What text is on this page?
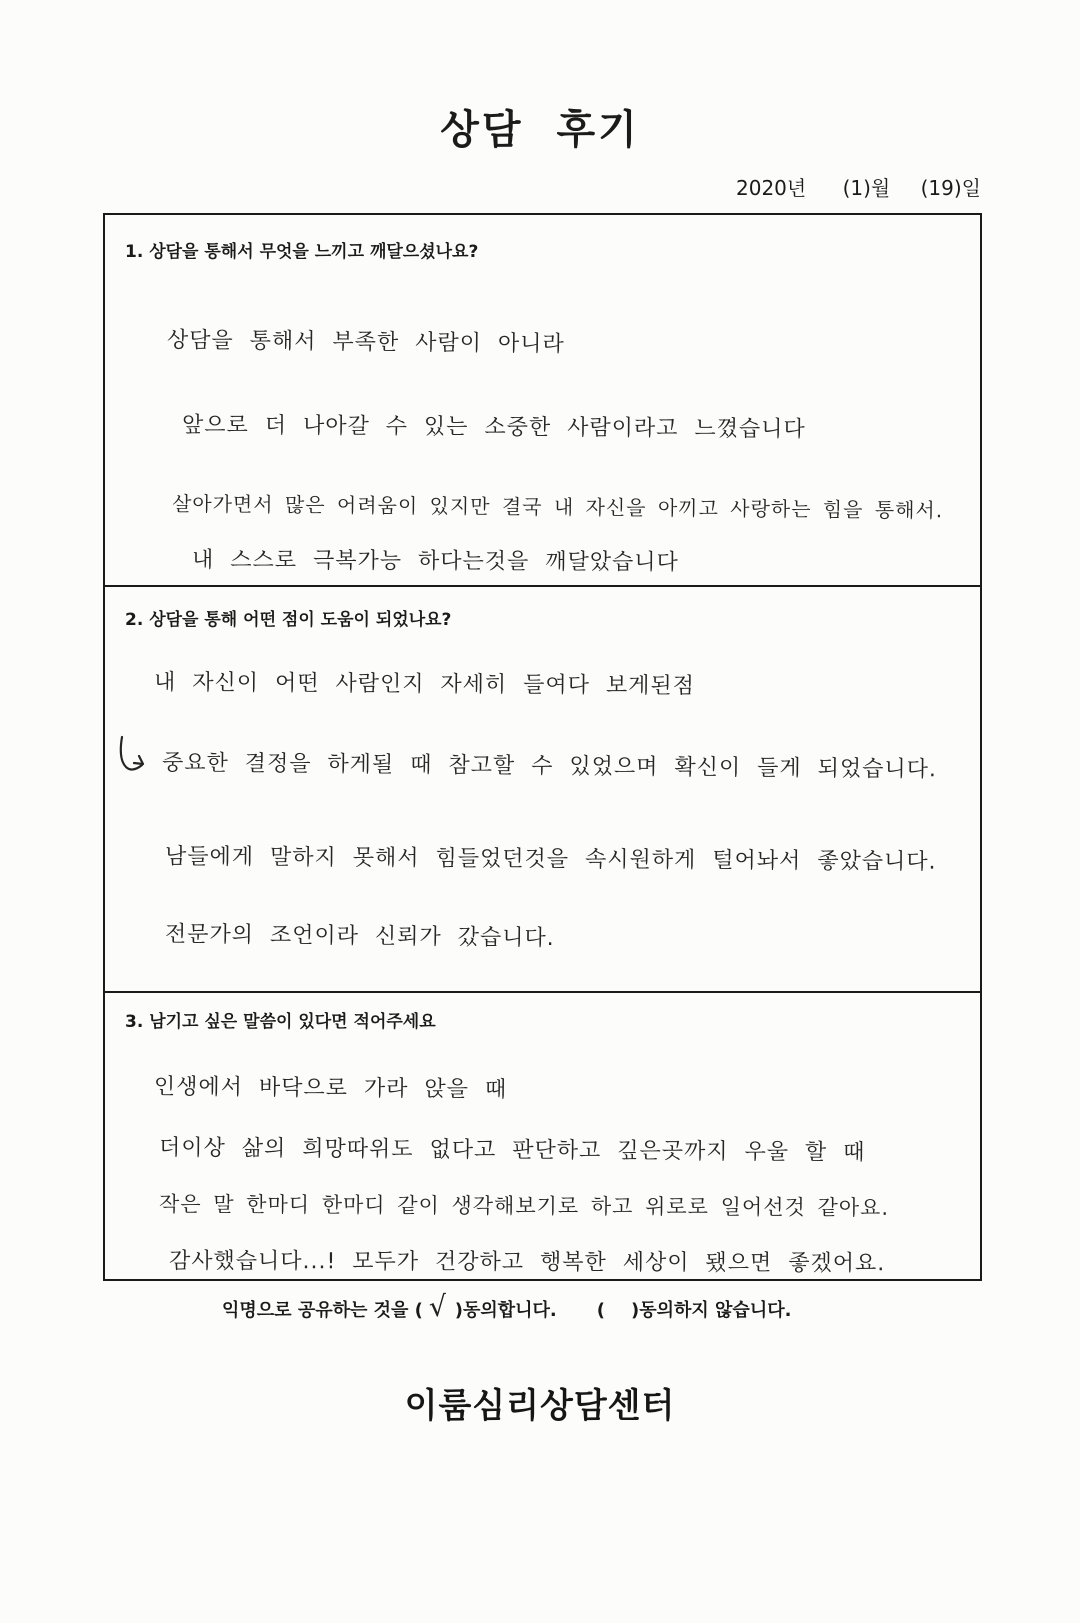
상담 후기
2020년 (1)월 (19)일
1. 상담을 통해서 무엇을 느끼고 깨달으셨나요?
상담을 통해서 부족한 사람이 아니라
앞으로 더 나아갈 수 있는 소중한 사람이라고 느꼈습니다
살아가면서 많은 어려움이 있지만 결국 내 자신을 아끼고 사랑하는 힘을 통해서.
내 스스로 극복가능 하다는것을 깨달았습니다
2. 상담을 통해 어떤 점이 도움이 되었나요?
내 자신이 어떤 사람인지 자세히 들여다 보게된점
중요한 결정을 하게될 때 참고할 수 있었으며 확신이 들게 되었습니다.
남들에게 말하지 못해서 힘들었던것을 속시원하게 털어놔서 좋았습니다.
전문가의 조언이라 신뢰가 갔습니다.
3. 남기고 싶은 말씀이 있다면 적어주세요
인생에서 바닥으로 가라 앉을 때
더이상 삶의 희망따위도 없다고 판단하고 깊은곳까지 우울 할 때
작은 말 한마디 한마디 같이 생각해보기로 하고 위로로 일어선것 같아요.
감사했습니다...! 모두가 건강하고 행복한 세상이 됐으면 좋겠어요.
익명으로 공유하는 것을 ( √ )동의합니다. ( )동의하지 않습니다.
이룸심리상담센터
